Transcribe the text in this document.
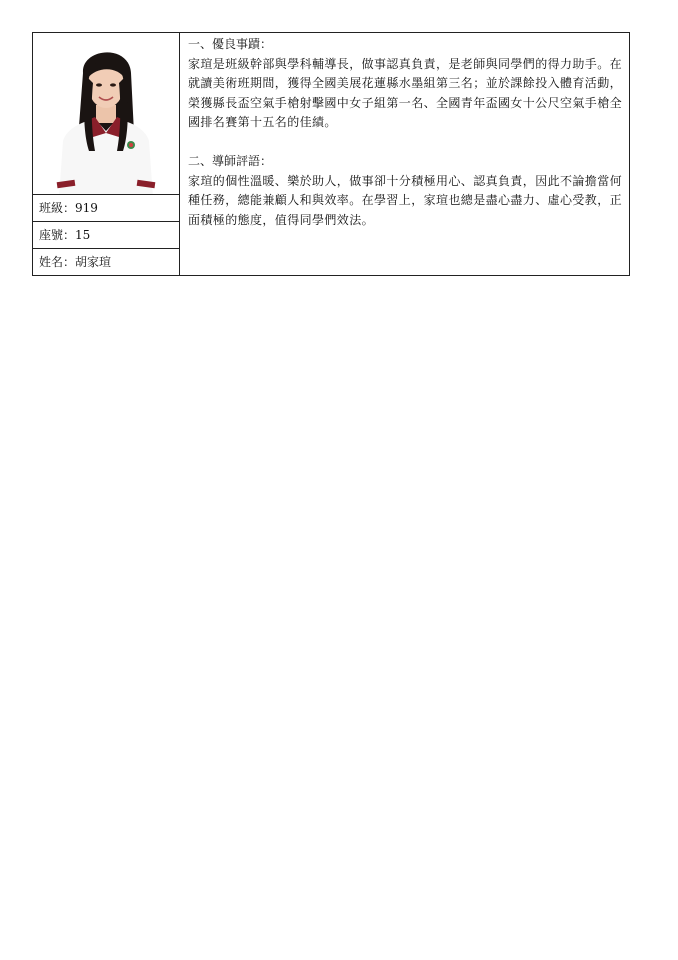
班級：919
座號：15
姓名：胡家瑄

一、優良事蹟：

家瑄是班級幹部與學科輔導長，做事認真負責，是老師與同學們的得力助手。在就讀美術班期間，獲得全國美展花蓮縣水墨組第三名；並於課餘投入體育活動，榮獲縣長盃空氣手槍射擊國中女子組第一名、全國青年盃國女十公尺空氣手槍全國排名賽第十五名的佳績。

二、導師評語：

家瑄的個性溫暖、樂於助人，做事卻十分積極用心、認真負責，因此不論擔當何種任務，總能兼顧人和與效率。在學習上，家瑄也總是盡心盡力、虛心受教，正面積極的態度，值得同學們效法。
